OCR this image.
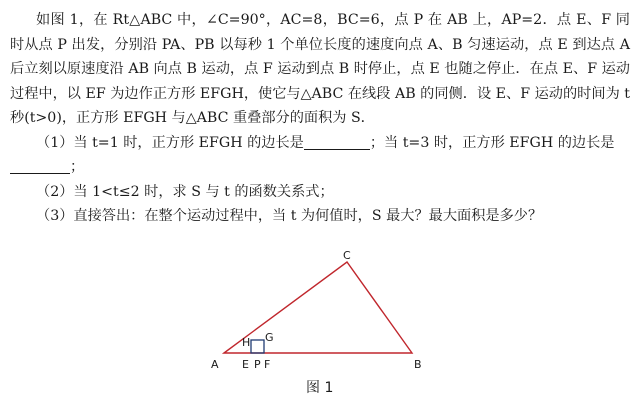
如图 1，在 Rt△ABC 中，∠C=90°，AC=8，BC=6，点 P 在 AB 上，AP=2．点 E、F 同时从点 P 出发，分别沿 PA、PB 以每秒 1 个单位长度的速度向点 A、B 匀速运动，点 E 到达点 A 后立刻以原速度沿 AB 向点 B 运动，点 F 运动到点 B 时停止，点 E 也随之停止．在点 E、F 运动过程中，以 EF 为边作正方形 EFGH，使它与△ABC 在线段 AB 的同侧．设 E、F 运动的时间为 t 秒(t>0)，正方形 EFGH 与△ABC 重叠部分的面积为 S．

（1）当 t=1 时，正方形 EFGH 的边长是	；当 t=3 时，正方形 EFGH 的边长是；

（2）当 1<t≤2 时，求 S 与 t 的函数关系式；

（3）直接答出：在整个运动过程中，当 t 为何值时，S 最大？最大面积是多少？

A	B
C
E P F
G
H
图 1
